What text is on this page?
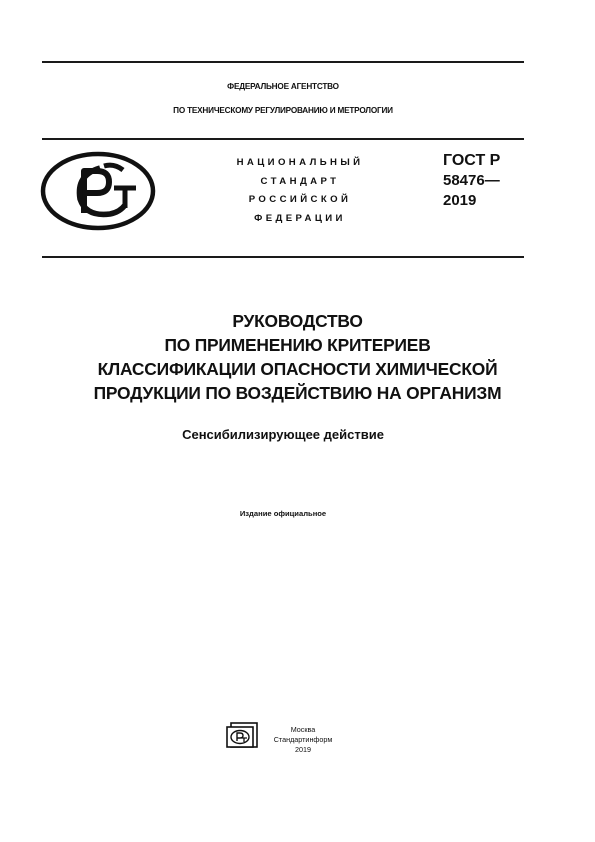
ФЕДЕРАЛЬНОЕ АГЕНТСТВО
ПО ТЕХНИЧЕСКОМУ РЕГУЛИРОВАНИЮ И МЕТРОЛОГИИ
НАЦИОНАЛЬНЫЙ
СТАНДАРТ
РОССИЙСКОЙ
ФЕДЕРАЦИИ
ГОСТ Р
58476—
2019
РУКОВОДСТВО
ПО ПРИМЕНЕНИЮ КРИТЕРИЕВ
КЛАССИФИКАЦИИ ОПАСНОСТИ ХИМИЧЕСКОЙ
ПРОДУКЦИИ ПО ВОЗДЕЙСТВИЮ НА ОРГАНИЗМ
Сенсибилизирующее действие
Издание официальное
Москва
Стандартинформ
2019
